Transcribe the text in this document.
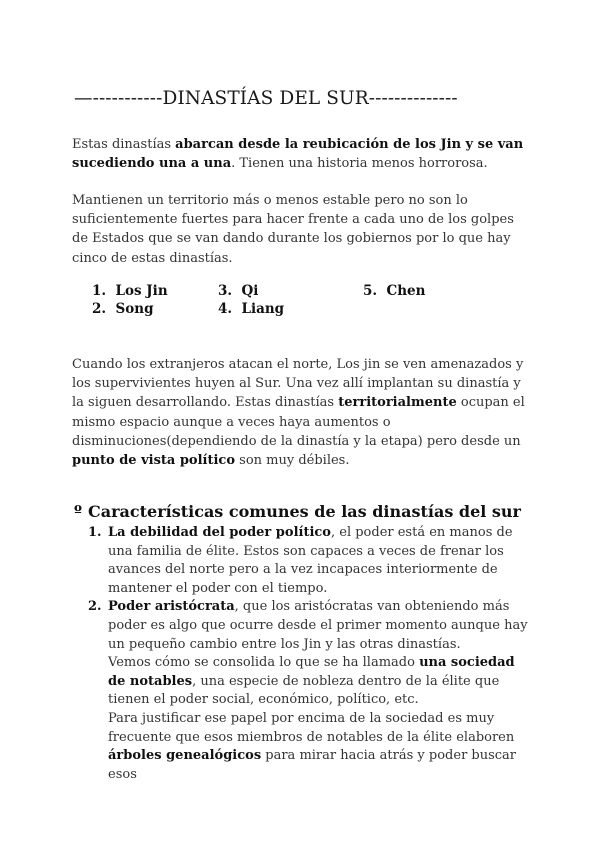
—-----------DINASTÍAS DEL SUR--------------
Estas dinastías abarcan desde la reubicación de los Jin y se van sucediendo una a una. Tienen una historia menos horrorosa.
Mantienen un territorio más o menos estable pero no son lo suficientemente fuertes para hacer frente a cada uno de los golpes de Estados que se van dando durante los gobiernos por lo que hay cinco de estas dinastías.
1. Los Jin
2. Song
3. Qi
4. Liang
5. Chen
Cuando los extranjeros atacan el norte, Los jin se ven amenazados y los supervivientes huyen al Sur. Una vez allí implantan su dinastía y la siguen desarrollando. Estas dinastías territorialmente ocupan el mismo espacio aunque a veces haya aumentos o disminuciones(dependiendo de la dinastía y la etapa) pero desde un punto de vista político son muy débiles.
º Características comunes de las dinastías del sur
1. La debilidad del poder político, el poder está en manos de una familia de élite. Estos son capaces a veces de frenar los avances del norte pero a la vez incapaces interiormente de mantener el poder con el tiempo.
2. Poder aristócrata, que los aristócratas van obteniendo más poder es algo que ocurre desde el primer momento aunque hay un pequeño cambio entre los Jin y las otras dinastías.
Vemos cómo se consolida lo que se ha llamado una sociedad de notables, una especie de nobleza dentro de la élite que tienen el poder social, económico, político, etc.
Para justificar ese papel por encima de la sociedad es muy frecuente que esos miembros de notables de la élite elaboren árboles genealógicos para mirar hacia atrás y poder buscar esos
